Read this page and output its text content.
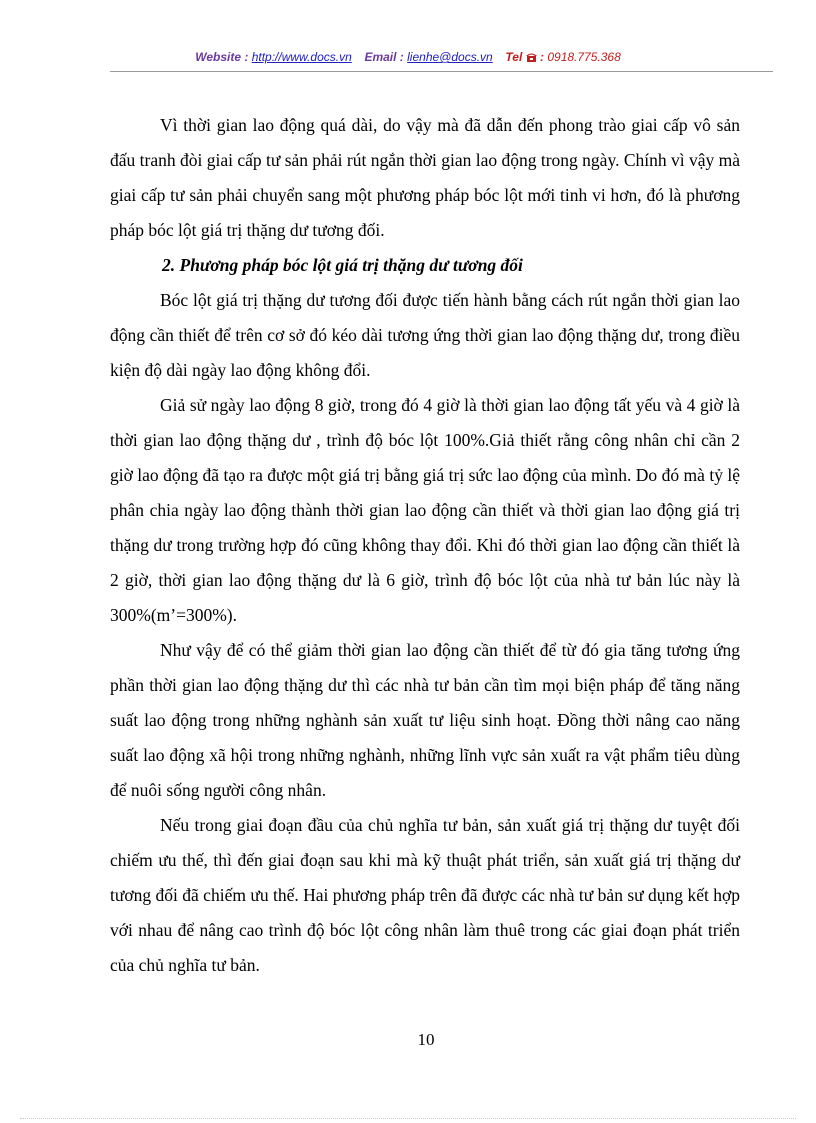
Website : http://www.docs.vn Email : lienhe@docs.vn Tel : 0918.775.368

Vì thời gian lao động quá dài, do vậy mà đã dẫn đến phong trào giai cấp vô sản đấu tranh đòi giai cấp tư sản phải rút ngắn thời gian lao động trong ngày. Chính vì vậy mà giai cấp tư sản phải chuyển sang một phương pháp bóc lột mới tinh vi hơn, đó là phương pháp bóc lột giá trị thặng dư tương đối.

2. Phương pháp bóc lột giá trị thặng dư tương đối

Bóc lột giá trị thặng dư tương đối được tiến hành bằng cách rút ngắn thời gian lao động cần thiết để trên cơ sở đó kéo dài tương ứng thời gian lao động thặng dư, trong điều kiện độ dài ngày lao động không đổi.

Giả sử ngày lao động 8 giờ, trong đó 4 giờ là thời gian lao động tất yếu và 4 giờ là thời gian lao động thặng dư , trình độ bóc lột 100%.Giả thiết rằng công nhân chỉ cần 2 giờ lao động đã tạo ra được một giá trị bằng giá trị sức lao động của mình. Do đó mà tỷ lệ phân chia ngày lao động thành thời gian lao động cần thiết và thời gian lao động giá trị thặng dư trong trường hợp đó cũng không thay đổi. Khi đó thời gian lao động cần thiết là 2 giờ, thời gian lao động thặng dư là 6 giờ, trình độ bóc lột của nhà tư bản lúc này là 300%(m’=300%).

Như vậy để có thể giảm thời gian lao động cần thiết để từ đó gia tăng tương ứng phần thời gian lao động thặng dư thì các nhà tư bản cần tìm mọi biện pháp để tăng năng suất lao động trong những nghành sản xuất tư liệu sinh hoạt. Đồng thời nâng cao năng suất lao động xã hội trong những nghành, những lĩnh vực sản xuất ra vật phẩm tiêu dùng để nuôi sống người công nhân.

Nếu trong giai đoạn đầu của chủ nghĩa tư bản, sản xuất giá trị thặng dư tuyệt đối chiếm ưu thế, thì đến giai đoạn sau khi mà kỹ thuật phát triển, sản xuất giá trị thặng dư tương đối đã chiếm ưu thế. Hai phương pháp trên đã được các nhà tư bản sư dụng kết hợp với nhau để nâng cao trình độ bóc lột công nhân làm thuê trong các giai đoạn phát triển của chủ nghĩa tư bản.

10
